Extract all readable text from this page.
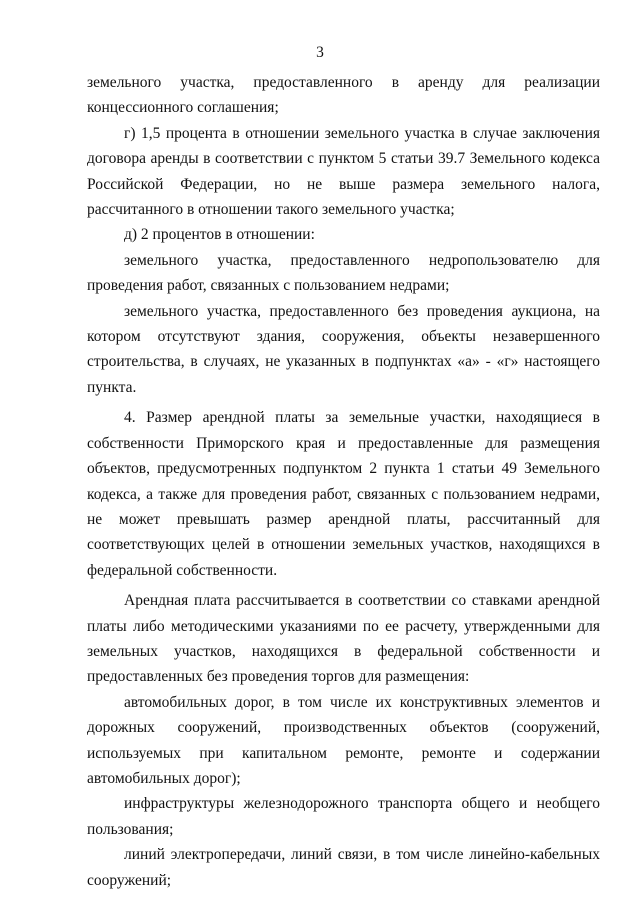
3

земельного участка, предоставленного в аренду для реализации концессионного соглашения;

г) 1,5 процента в отношении земельного участка в случае заключения договора аренды в соответствии с пунктом 5 статьи 39.7 Земельного кодекса Российской Федерации, но не выше размера земельного налога, рассчитанного в отношении такого земельного участка;

д) 2 процентов в отношении:

земельного участка, предоставленного недропользователю для проведения работ, связанных с пользованием недрами;

земельного участка, предоставленного без проведения аукциона, на котором отсутствуют здания, сооружения, объекты незавершенного строительства, в случаях, не указанных в подпунктах «а» - «г» настоящего пункта.

4. Размер арендной платы за земельные участки, находящиеся в собственности Приморского края и предоставленные для размещения объектов, предусмотренных подпунктом 2 пункта 1 статьи 49 Земельного кодекса, а также для проведения работ, связанных с пользованием недрами, не может превышать размер арендной платы, рассчитанный для соответствующих целей в отношении земельных участков, находящихся в федеральной собственности.

Арендная плата рассчитывается в соответствии со ставками арендной платы либо методическими указаниями по ее расчету, утвержденными для земельных участков, находящихся в федеральной собственности и предоставленных без проведения торгов для размещения:

автомобильных дорог, в том числе их конструктивных элементов и дорожных сооружений, производственных объектов (сооружений, используемых при капитальном ремонте, ремонте и содержании автомобильных дорог);

инфраструктуры железнодорожного транспорта общего и необщего пользования;

линий электропередачи, линий связи, в том числе линейно-кабельных сооружений;
